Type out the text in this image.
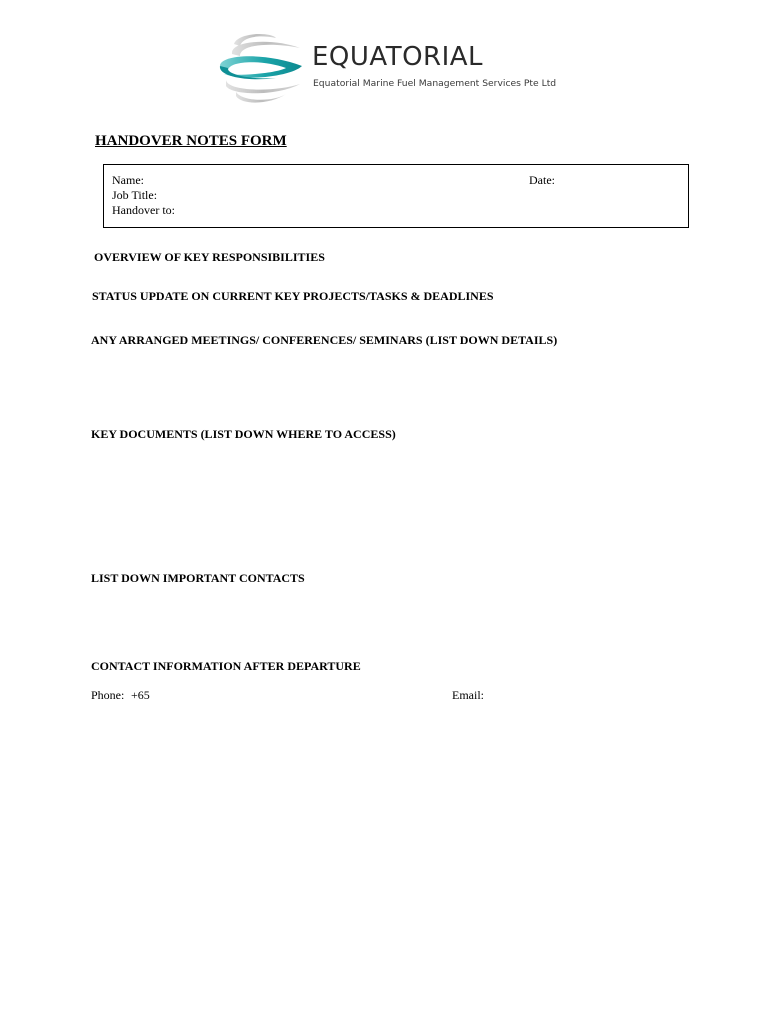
EQUATORIAL
Equatorial Marine Fuel Management Services Pte Ltd
HANDOVER NOTES FORM
Name:	Date:
Job Title:
Handover to:
OVERVIEW OF KEY RESPONSIBILITIES
STATUS UPDATE ON CURRENT KEY PROJECTS/TASKS & DEADLINES
ANY ARRANGED MEETINGS/ CONFERENCES/ SEMINARS (LIST DOWN DETAILS)
KEY DOCUMENTS (LIST DOWN WHERE TO ACCESS)
LIST DOWN IMPORTANT CONTACTS
CONTACT INFORMATION AFTER DEPARTURE
Phone: +65	Email:
